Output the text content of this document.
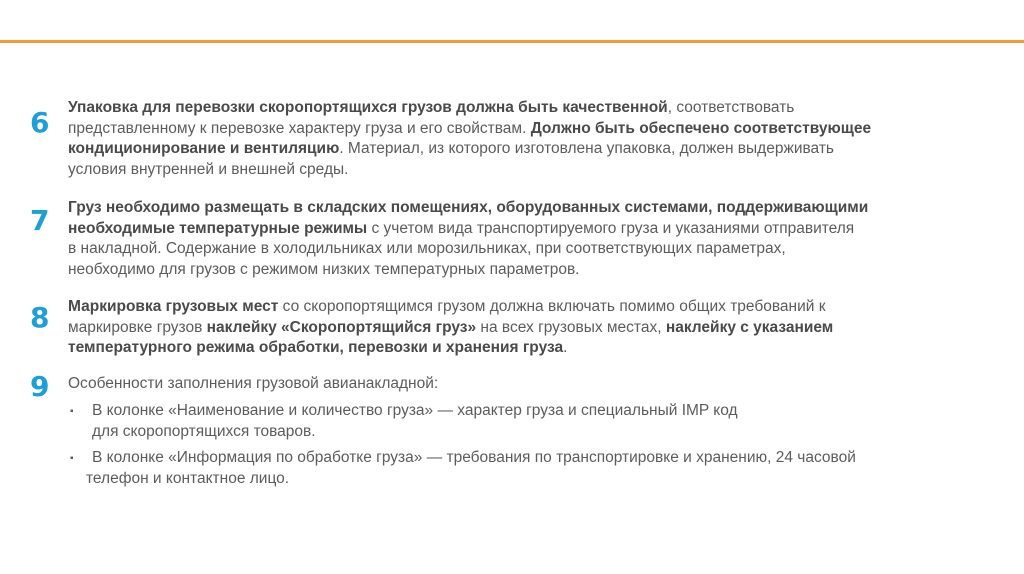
6 Упаковка для перевозки скоропортящихся грузов должна быть качественной, соответствовать
представленному к перевозке характеру груза и его свойствам. Должно быть обеспечено соответствующее
кондиционирование и вентиляцию. Материал, из которого изготовлена упаковка, должен выдерживать
условия внутренней и внешней среды.
7 Груз необходимо размещать в складских помещениях, оборудованных системами, поддерживающими
необходимые температурные режимы с учетом вида транспортируемого груза и указаниями отправителя
в накладной. Содержание в холодильниках или морозильниках, при соответствующих параметрах,
необходимо для грузов с режимом низких температурных параметров.
8 Маркировка грузовых мест со скоропортящимся грузом должна включать помимо общих требований к
маркировке грузов наклейку «Скоропортящийся груз» на всех грузовых местах, наклейку с указанием
температурного режима обработки, перевозки и хранения груза.
9 Особенности заполнения грузовой авианакладной:
▪ В колонке «Наименование и количество груза» — характер груза и специальный IMP код
для скоропортящихся товаров.
▪ В колонке «Информация по обработке груза» — требования по транспортировке и хранению, 24 часовой
телефон и контактное лицо.
